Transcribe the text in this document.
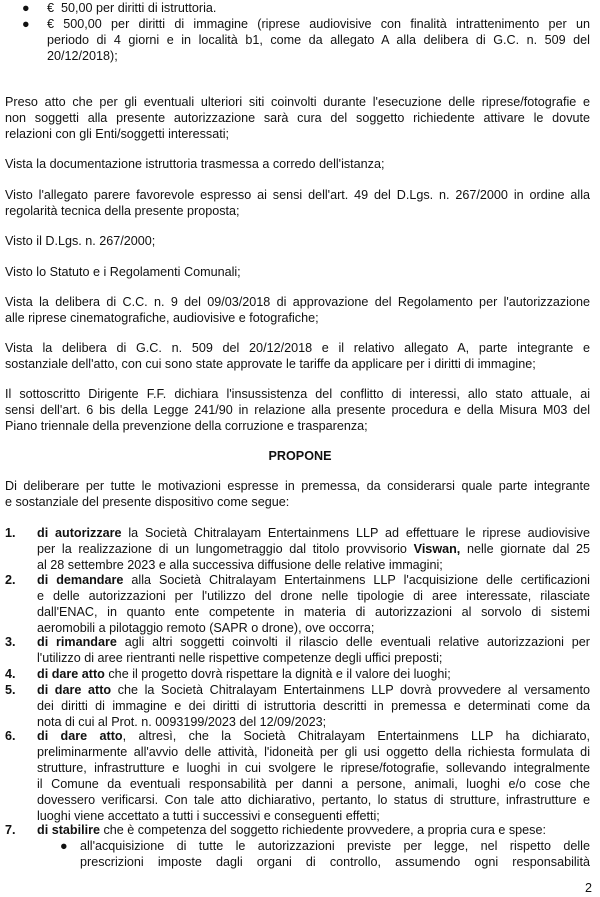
● € 50,00 per diritti di istruttoria.
● € 500,00 per diritti di immagine (riprese audiovisive con finalità intrattenimento per un
periodo di 4 giorni e in località b1, come da allegato A alla delibera di G.C. n. 509 del
20/12/2018);
Preso atto che per gli eventuali ulteriori siti coinvolti durante l'esecuzione delle riprese/fotografie e
non soggetti alla presente autorizzazione sarà cura del soggetto richiedente attivare le dovute
relazioni con gli Enti/soggetti interessati;
Vista la documentazione istruttoria trasmessa a corredo dell'istanza;
Visto l'allegato parere favorevole espresso ai sensi dell'art. 49 del D.Lgs. n. 267/2000 in ordine alla
regolarità tecnica della presente proposta;
Visto il D.Lgs. n. 267/2000;
Visto lo Statuto e i Regolamenti Comunali;
Vista la delibera di C.C. n. 9 del 09/03/2018 di approvazione del Regolamento per l'autorizzazione
alle riprese cinematografiche, audiovisive e fotografiche;
Vista la delibera di G.C. n. 509 del 20/12/2018 e il relativo allegato A, parte integrante e
sostanziale dell'atto, con cui sono state approvate le tariffe da applicare per i diritti di immagine;
Il sottoscritto Dirigente F.F. dichiara l'insussistenza del conflitto di interessi, allo stato attuale, ai
sensi dell'art. 6 bis della Legge 241/90 in relazione alla presente procedura e della Misura M03 del
Piano triennale della prevenzione della corruzione e trasparenza;
PROPONE
Di deliberare per tutte le motivazioni espresse in premessa, da considerarsi quale parte integrante
e sostanziale del presente dispositivo come segue:
1. di autorizzare la Società Chitralayam Entertainmens LLP ad effettuare le riprese audiovisive
per la realizzazione di un lungometraggio dal titolo provvisorio Viswan, nelle giornate dal 25
al 28 settembre 2023 e alla successiva diffusione delle relative immagini;
2. di demandare alla Società Chitralayam Entertainmens LLP l'acquisizione delle certificazioni
e delle autorizzazioni per l'utilizzo del drone nelle tipologie di aree interessate, rilasciate
dall'ENAC, in quanto ente competente in materia di autorizzazioni al sorvolo di sistemi
aeromobili a pilotaggio remoto (SAPR o drone), ove occorra;
3. di rimandare agli altri soggetti coinvolti il rilascio delle eventuali relative autorizzazioni per
l'utilizzo di aree rientranti nelle rispettive competenze degli uffici preposti;
4. di dare atto che il progetto dovrà rispettare la dignità e il valore dei luoghi;
5. di dare atto che la Società Chitralayam Entertainmens LLP dovrà provvedere al versamento
dei diritti di immagine e dei diritti di istruttoria descritti in premessa e determinati come da
nota di cui al Prot. n. 0093199/2023 del 12/09/2023;
6. di dare atto, altresì, che la Società Chitralayam Entertainmens LLP ha dichiarato,
preliminarmente all'avvio delle attività, l'idoneità per gli usi oggetto della richiesta formulata di
strutture, infrastrutture e luoghi in cui svolgere le riprese/fotografie, sollevando integralmente
il Comune da eventuali responsabilità per danni a persone, animali, luoghi e/o cose che
dovessero verificarsi. Con tale atto dichiarativo, pertanto, lo status di strutture, infrastrutture e
luoghi viene accettato a tutti i successivi e conseguenti effetti;
7. di stabilire che è competenza del soggetto richiedente provvedere, a propria cura e spese:
● all'acquisizione di tutte le autorizzazioni previste per legge, nel rispetto delle
prescrizioni imposte dagli organi di controllo, assumendo ogni responsabilità
2
